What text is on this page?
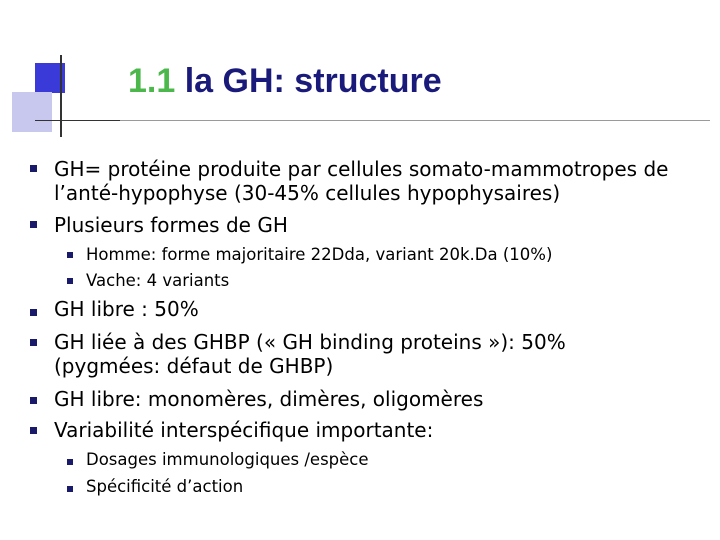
1.1 la GH: structure
GH= protéine produite par cellules somato-mammotropes de l’anté-hypophyse (30-45% cellules hypophysaires)
Plusieurs formes de GH
Homme: forme majoritaire 22Dda, variant 20k.Da (10%)
Vache: 4 variants
GH libre : 50%
GH liée à des GHBP (« GH binding proteins »): 50% (pygmées: défaut de GHBP)
GH libre: monomères, dimères, oligomères
Variabilité interspécifique importante:
Dosages immunologiques /espèce
Spécificité d’action
